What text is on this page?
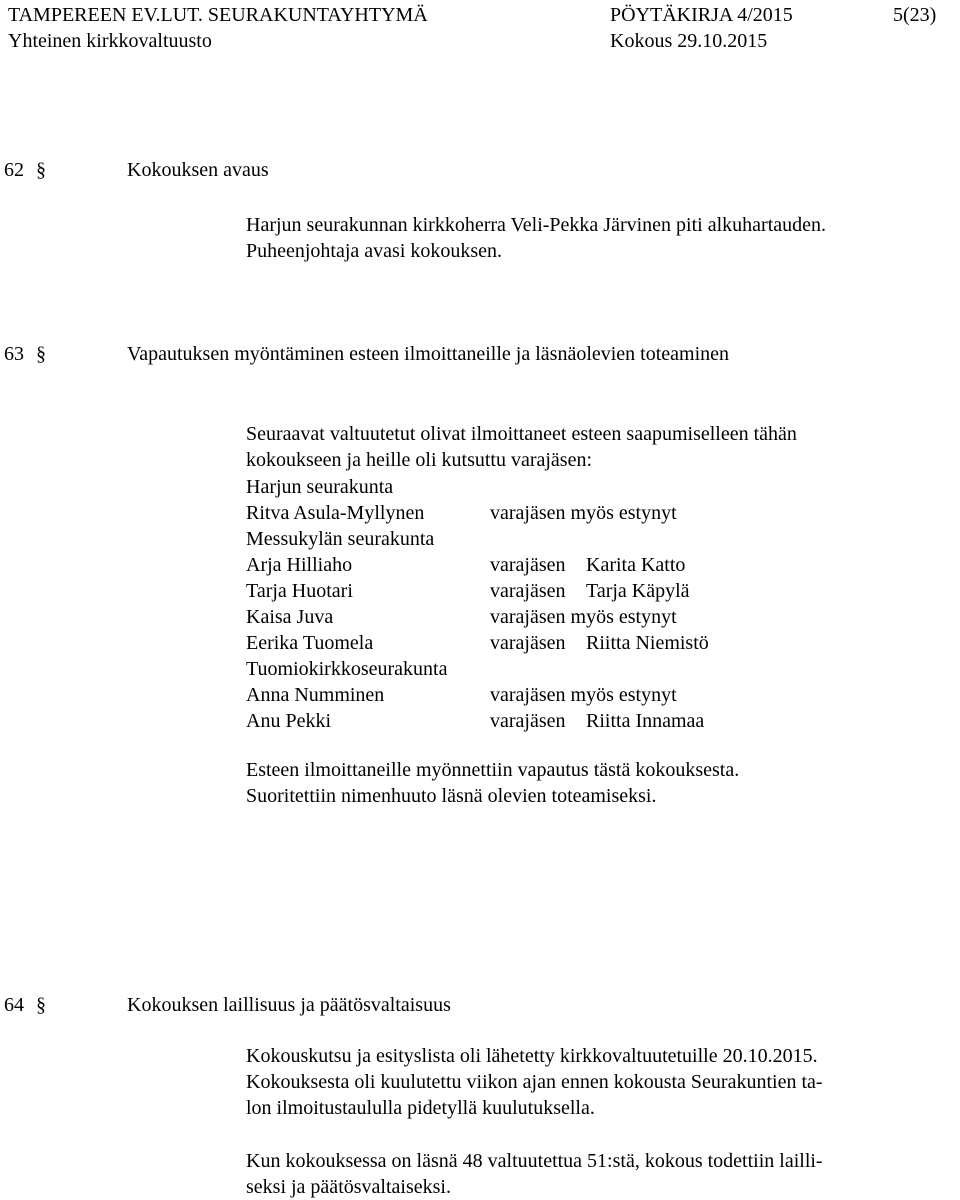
TAMPEREEN EV.LUT. SEURAKUNTAYHTYMÄ	PÖYTÄKIRJA 4/2015	5(23)
Yhteinen kirkkovaltuusto	Kokous 29.10.2015
62 §	Kokouksen avaus
Harjun seurakunnan kirkkoherra Veli-Pekka Järvinen piti alkuhartauden.
Puheenjohtaja avasi kokouksen.
63 §	Vapautuksen myöntäminen esteen ilmoittaneille ja läsnäolevien toteaminen
Seuraavat valtuutetut olivat ilmoittaneet esteen saapumiselleen tähän
kokoukseen ja heille oli kutsuttu varajäsen:
Harjun seurakunta
Ritva Asula-Myllynen	varajäsen myös estynyt
Messukylän seurakunta
Arja Hilliaho	varajäsen Karita Katto
Tarja Huotari	varajäsen Tarja Käpylä
Kaisa Juva	varajäsen myös estynyt
Eerika Tuomela	varajäsen Riitta Niemistö
Tuomiokirkkoseurakunta
Anna Numminen	varajäsen myös estynyt
Anu Pekki	varajäsen Riitta Innamaa
Esteen ilmoittaneille myönnettiin vapautus tästä kokouksesta.
Suoritettiin nimenhuuto läsnä olevien toteamiseksi.
64 §	Kokouksen laillisuus ja päätösvaltaisuus
Kokouskutsu ja esityslista oli lähetetty kirkkovaltuutetuille 20.10.2015.
Kokouksesta oli kuulutettu viikon ajan ennen kokousta Seurakuntien ta-
lon ilmoitustaululla pidetyllä kuulutuksella.
Kun kokouksessa on läsnä 48 valtuutettua 51:stä, kokous todettiin lailli-
seksi ja päätösvaltaiseksi.
